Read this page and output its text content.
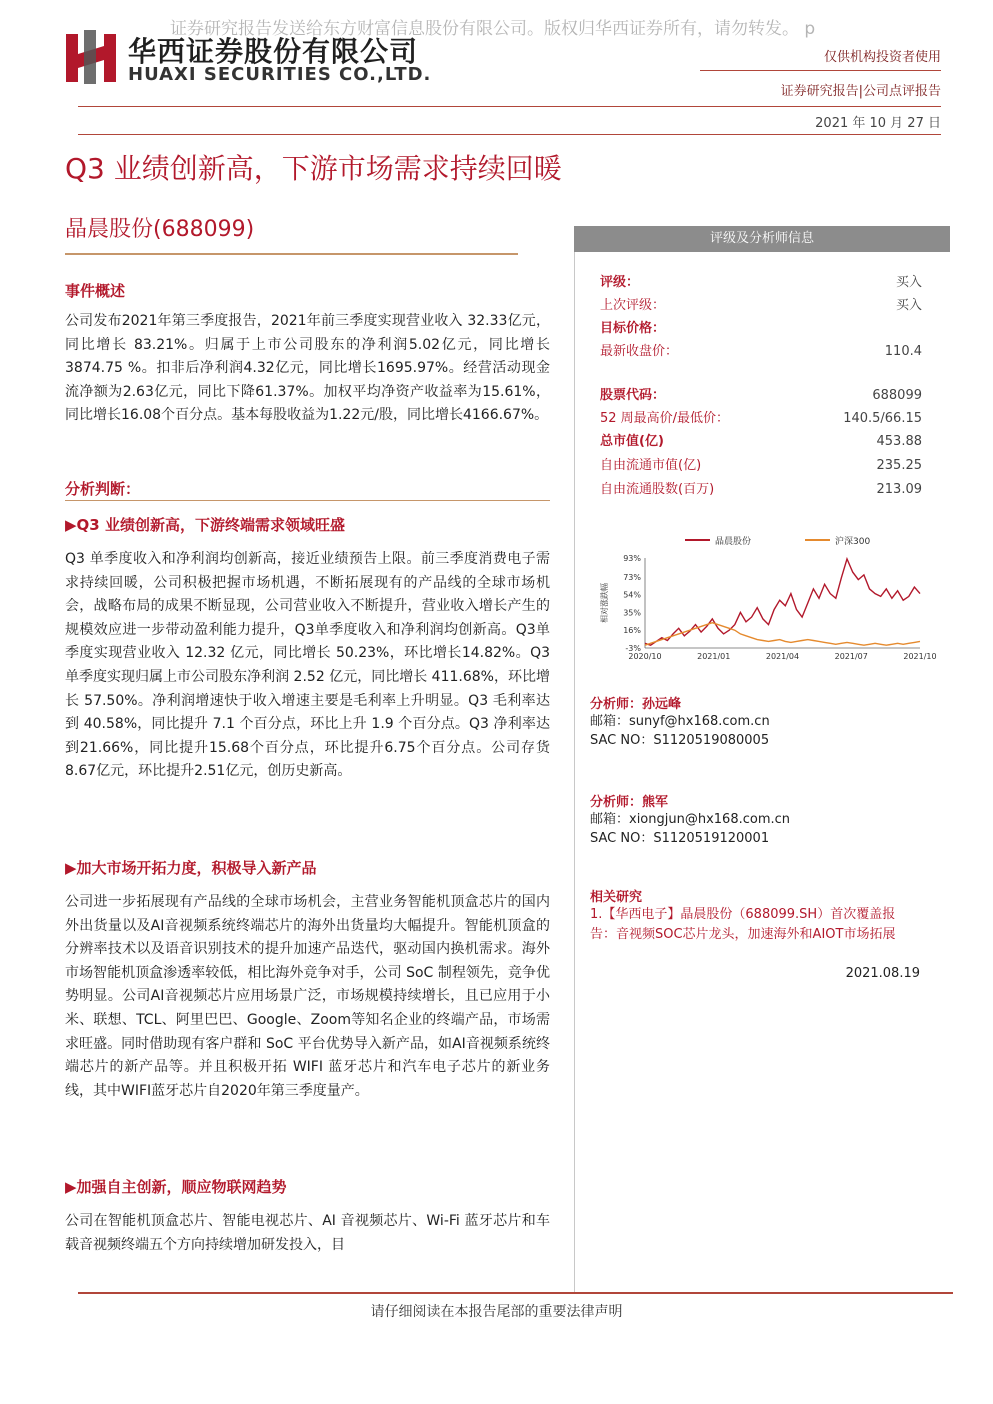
证券研究报告发送给东方财富信息股份有限公司。版权归华西证券所有，请勿转发。 p
华西证券股份有限公司
HUAXI SECURITIES CO.,LTD.
仅供机构投资者使用
证券研究报告|公司点评报告
2021 年 10 月 27 日
Q3 业绩创新高，下游市场需求持续回暖
晶晨股份(688099)
事件概述
公司发布2021年第三季度报告，2021年前三季度实现营业收入 32.33亿元，同比增长 83.21%。归属于上市公司股东的净利润5.02亿元，同比增长 3874.75 %。扣非后净利润4.32亿元，同比增长1695.97%。经营活动现金流净额为2.63亿元，同比下降61.37%。加权平均净资产收益率为15.61%，同比增长16.08个百分点。基本每股收益为1.22元/股，同比增长4166.67%。
分析判断：
▶Q3 业绩创新高，下游终端需求领域旺盛
Q3 单季度收入和净利润均创新高，接近业绩预告上限。前三季度消费电子需求持续回暖，公司积极把握市场机遇，不断拓展现有的产品线的全球市场机会，战略布局的成果不断显现，公司营业收入不断提升，营业收入增长产生的规模效应进一步带动盈利能力提升，Q3单季度收入和净利润均创新高。Q3单季度实现营业收入 12.32 亿元，同比增长 50.23%，环比增长14.82%。Q3 单季度实现归属上市公司股东净利润 2.52 亿元，同比增长 411.68%，环比增长 57.50%。净利润增速快于收入增速主要是毛利率上升明显。Q3 毛利率达到 40.58%，同比提升 7.1 个百分点，环比上升 1.9 个百分点。Q3 净利率达到21.66%，同比提升15.68个百分点，环比提升6.75个百分点。公司存货8.67亿元，环比提升2.51亿元，创历史新高。
▶加大市场开拓力度，积极导入新产品
公司进一步拓展现有产品线的全球市场机会，主营业务智能机顶盒芯片的国内外出货量以及AI音视频系统终端芯片的海外出货量均大幅提升。智能机顶盒的分辨率技术以及语音识别技术的提升加速产品迭代，驱动国内换机需求。海外市场智能机顶盒渗透率较低，相比海外竞争对手，公司 SoC 制程领先，竞争优势明显。公司AI音视频芯片应用场景广泛，市场规模持续增长，且已应用于小米、联想、TCL、阿里巴巴、Google、Zoom等知名企业的终端产品，市场需求旺盛。同时借助现有客户群和 SoC 平台优势导入新产品，如AI音视频系统终端芯片的新产品等。并且积极开拓 WIFI 蓝牙芯片和汽车电子芯片的新业务线，其中WIFI蓝牙芯片自2020年第三季度量产。
▶加强自主创新，顺应物联网趋势
公司在智能机顶盒芯片、智能电视芯片、AI 音视频芯片、Wi-Fi 蓝牙芯片和车载音视频终端五个方向持续增加研发投入，目
评级及分析师信息
评级：	买入
上次评级：	买入
目标价格：
最新收盘价：	110.4
股票代码：	688099
52 周最高价/最低价：	140.5/66.15
总市值(亿)	453.88
自由流通市值(亿)	235.25
自由流通股数(百万)	213.09
晶晨股份	沪深300
93%
73%
54%
35%
16%
-3%
相对涨跌幅
2020/10	2021/01	2021/04	2021/07	2021/10
分析师：孙远峰
邮箱：sunyf@hx168.com.cn
SAC NO：S1120519080005
分析师：熊军
邮箱：xiongjun@hx168.com.cn
SAC NO：S1120519120001
相关研究
1.【华西电子】晶晨股份（688099.SH）首次覆盖报告：音视频SOC芯片龙头，加速海外和AIOT市场拓展
2021.08.19
请仔细阅读在本报告尾部的重要法律声明
